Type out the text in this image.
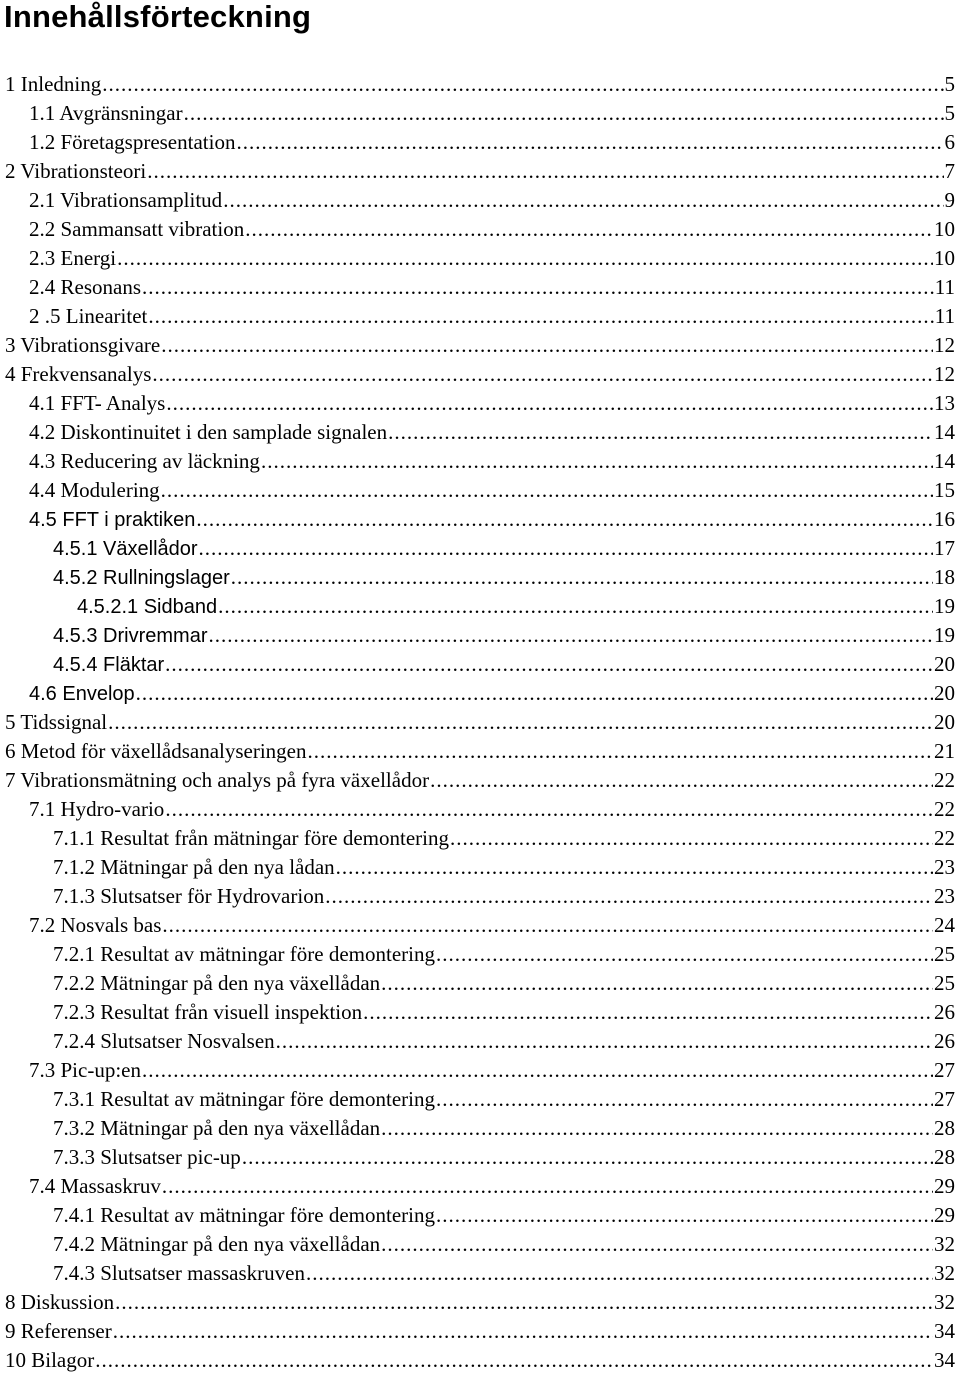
Innehållsförteckning
1 Inledning .....	5
1.1 Avgränsningar .....	5
1.2 Företagspresentation .....	6
2 Vibrationsteori .....	7
2.1 Vibrationsamplitud .....	9
2.2 Sammansatt vibration .....	10
2.3 Energi .....	10
2.4 Resonans .....	11
2 .5 Linearitet .....	11
3 Vibrationsgivare .....	12
4 Frekvensanalys .....	12
4.1 FFT- Analys .....	13
4.2 Diskontinuitet i den samplade signalen .....	14
4.3 Reducering av läckning .....	14
4.4 Modulering .....	15
4.5 FFT i praktiken .....	16
4.5.1 Växellådor .....	17
4.5.2 Rullningslager .....	18
4.5.2.1 Sidband .....	19
4.5.3 Drivremmar .....	19
4.5.4 Fläktar .....	20
4.6 Envelop .....	20
5 Tidssignal .....	20
6 Metod för växellådsanalyseringen .....	21
7 Vibrationsmätning och analys på fyra växellådor .....	22
7.1 Hydro-vario .....	22
7.1.1 Resultat från mätningar före demontering .....	22
7.1.2 Mätningar på den nya lådan .....	23
7.1.3 Slutsatser för Hydrovarion .....	23
7.2 Nosvals bas .....	24
7.2.1 Resultat av mätningar före demontering .....	25
7.2.2 Mätningar på den nya växellådan .....	25
7.2.3 Resultat från visuell inspektion .....	26
7.2.4 Slutsatser Nosvalsen .....	26
7.3 Pic-up:en .....	27
7.3.1 Resultat av mätningar före demontering .....	27
7.3.2 Mätningar på den nya växellådan .....	28
7.3.3 Slutsatser pic-up .....	28
7.4 Massaskruv .....	29
7.4.1 Resultat av mätningar före demontering .....	29
7.4.2 Mätningar på den nya växellådan .....	32
7.4.3 Slutsatser massaskruven .....	32
8 Diskussion .....	32
9 Referenser .....	34
10 Bilagor .....	34
